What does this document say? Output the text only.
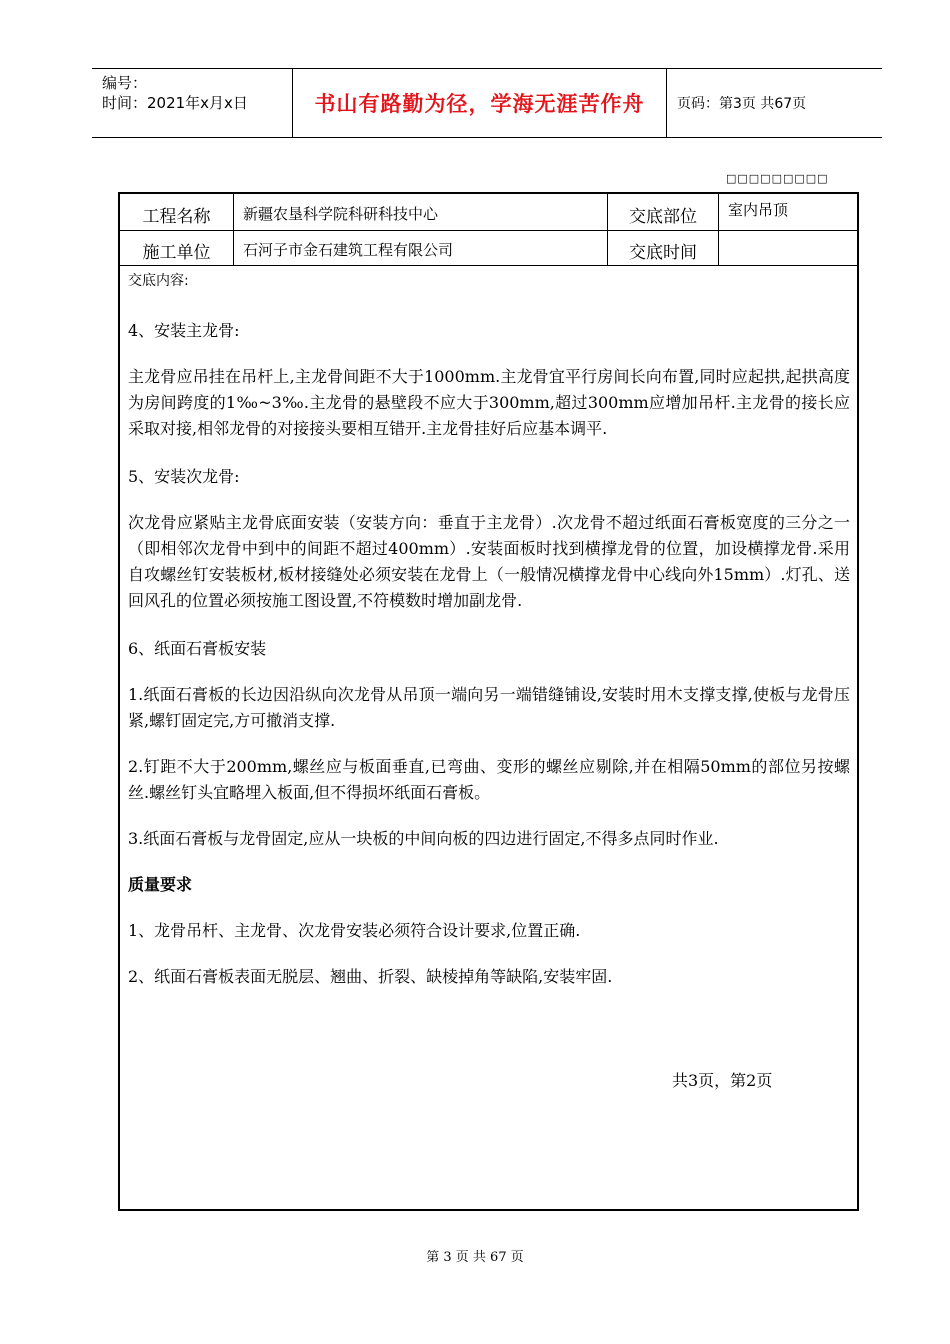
编号：
时间：2021年x月x日	书山有路勤为径，学海无涯苦作舟	页码：第3页 共67页
□□□□□□□□□
工程名称	新疆农垦科学院科研科技中心	交底部位	室内吊顶
施工单位	石河子市金石建筑工程有限公司	交底时间

交底内容:

4、安装主龙骨:

主龙骨应吊挂在吊杆上,主龙骨间距不大于1000mm.主龙骨宜平行房间长向布置,同时应起拱,起拱高度为房间跨度的1‰~3‰.主龙骨的悬壁段不应大于300mm,超过300mm应增加吊杆.主龙骨的接长应采取对接,相邻龙骨的对接接头要相互错开.主龙骨挂好后应基本调平.

5、安装次龙骨:

次龙骨应紧贴主龙骨底面安装（安装方向：垂直于主龙骨）.次龙骨不超过纸面石膏板宽度的三分之一（即相邻次龙骨中到中的间距不超过400mm）.安装面板时找到横撑龙骨的位置，加设横撑龙骨.采用自攻螺丝钉安装板材,板材接缝处必须安装在龙骨上（一般情况横撑龙骨中心线向外15mm）.灯孔、送回风孔的位置必须按施工图设置,不符模数时增加副龙骨.

6、纸面石膏板安装

1.纸面石膏板的长边因沿纵向次龙骨从吊顶一端向另一端错缝铺设,安装时用木支撑支撑,使板与龙骨压紧,螺钉固定完,方可撤消支撑.

2.钉距不大于200mm,螺丝应与板面垂直,已弯曲、变形的螺丝应剔除,并在相隔50mm的部位另按螺丝.螺丝钉头宜略埋入板面,但不得损坏纸面石膏板。

3.纸面石膏板与龙骨固定,应从一块板的中间向板的四边进行固定,不得多点同时作业.

质量要求

1、龙骨吊杆、主龙骨、次龙骨安装必须符合设计要求,位置正确.

2、纸面石膏板表面无脱层、翘曲、折裂、缺棱掉角等缺陷,安装牢固.

共3页，第2页
第 3 页 共 67 页
